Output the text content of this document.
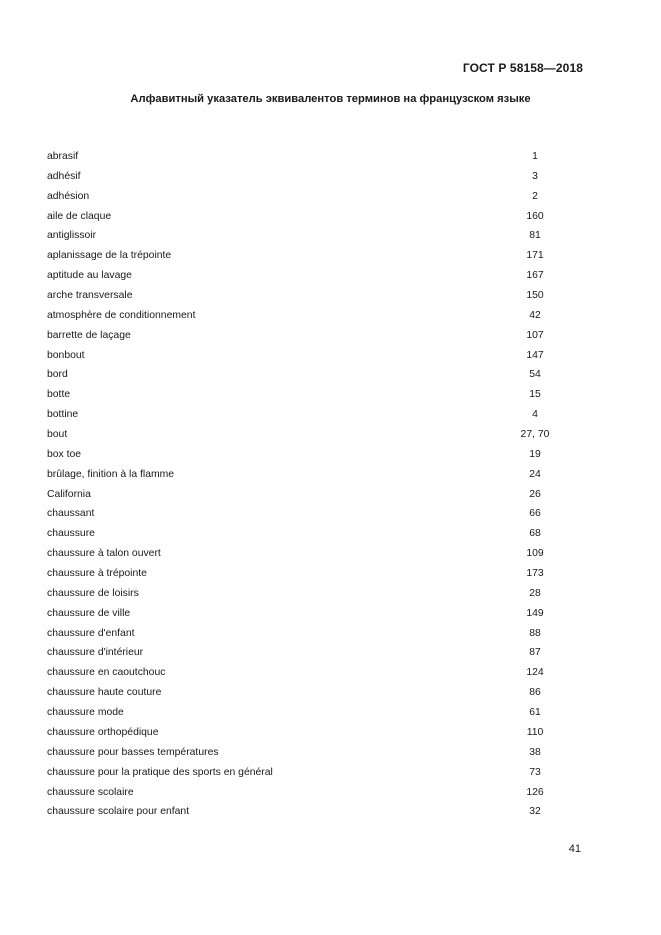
ГОСТ Р 58158—2018
Алфавитный указатель эквивалентов терминов на французском языке
abrasif	1
adhésif	3
adhésion	2
aile de claque	160
antiglissoir	81
aplanissage de la trépointe	171
aptitude au lavage	167
arche transversale	150
atmosphère de conditionnement	42
barrette de laçage	107
bonbout	147
bord	54
botte	15
bottine	4
bout	27, 70
box toe	19
brûlage, finition à la flamme	24
California	26
chaussant	66
chaussure	68
chaussure à talon ouvert	109
chaussure à trépointe	173
chaussure de loisirs	28
chaussure de ville	149
chaussure d'enfant	88
chaussure d'intérieur	87
chaussure en caoutchouc	124
chaussure haute couture	86
chaussure mode	61
chaussure orthopédique	110
chaussure pour basses températures	38
chaussure pour la pratique des sports en général	73
chaussure scolaire	126
chaussure scolaire pour enfant	32
41
